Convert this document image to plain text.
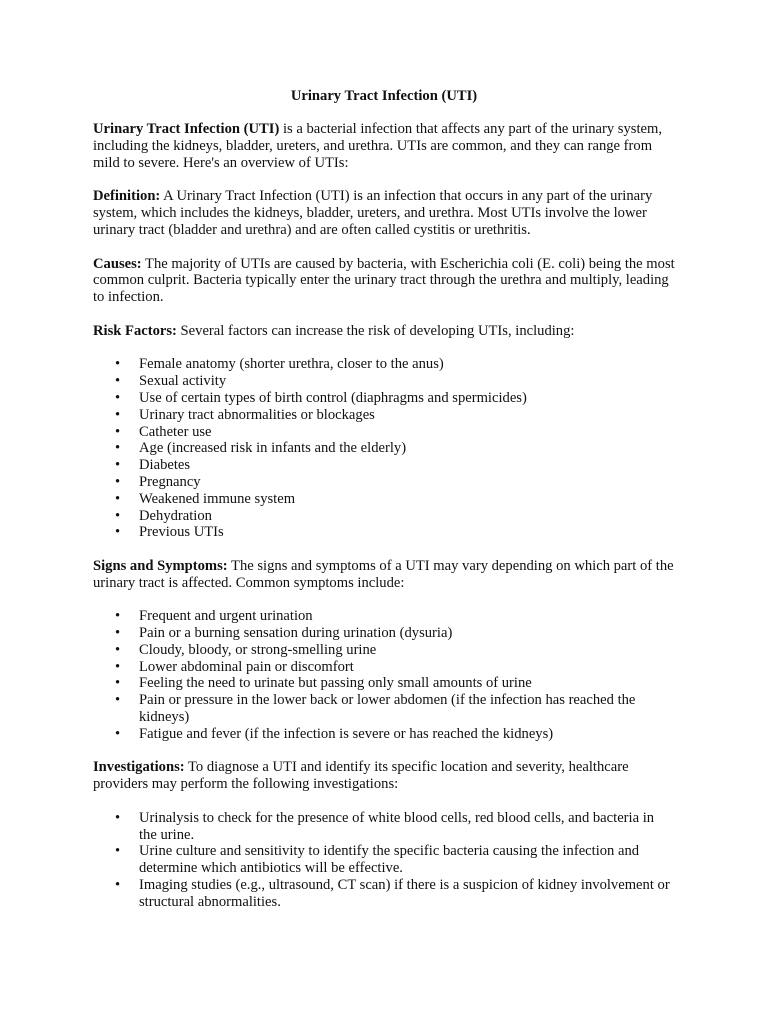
Urinary Tract Infection (UTI)

Urinary Tract Infection (UTI) is a bacterial infection that affects any part of the urinary system, including the kidneys, bladder, ureters, and urethra. UTIs are common, and they can range from mild to severe. Here's an overview of UTIs:

Definition: A Urinary Tract Infection (UTI) is an infection that occurs in any part of the urinary system, which includes the kidneys, bladder, ureters, and urethra. Most UTIs involve the lower urinary tract (bladder and urethra) and are often called cystitis or urethritis.

Causes: The majority of UTIs are caused by bacteria, with Escherichia coli (E. coli) being the most common culprit. Bacteria typically enter the urinary tract through the urethra and multiply, leading to infection.

Risk Factors: Several factors can increase the risk of developing UTIs, including:

• Female anatomy (shorter urethra, closer to the anus)
• Sexual activity
• Use of certain types of birth control (diaphragms and spermicides)
• Urinary tract abnormalities or blockages
• Catheter use
• Age (increased risk in infants and the elderly)
• Diabetes
• Pregnancy
• Weakened immune system
• Dehydration
• Previous UTIs

Signs and Symptoms: The signs and symptoms of a UTI may vary depending on which part of the urinary tract is affected. Common symptoms include:

• Frequent and urgent urination
• Pain or a burning sensation during urination (dysuria)
• Cloudy, bloody, or strong-smelling urine
• Lower abdominal pain or discomfort
• Feeling the need to urinate but passing only small amounts of urine
• Pain or pressure in the lower back or lower abdomen (if the infection has reached the kidneys)
• Fatigue and fever (if the infection is severe or has reached the kidneys)

Investigations: To diagnose a UTI and identify its specific location and severity, healthcare providers may perform the following investigations:

• Urinalysis to check for the presence of white blood cells, red blood cells, and bacteria in the urine.
• Urine culture and sensitivity to identify the specific bacteria causing the infection and determine which antibiotics will be effective.
• Imaging studies (e.g., ultrasound, CT scan) if there is a suspicion of kidney involvement or structural abnormalities.
